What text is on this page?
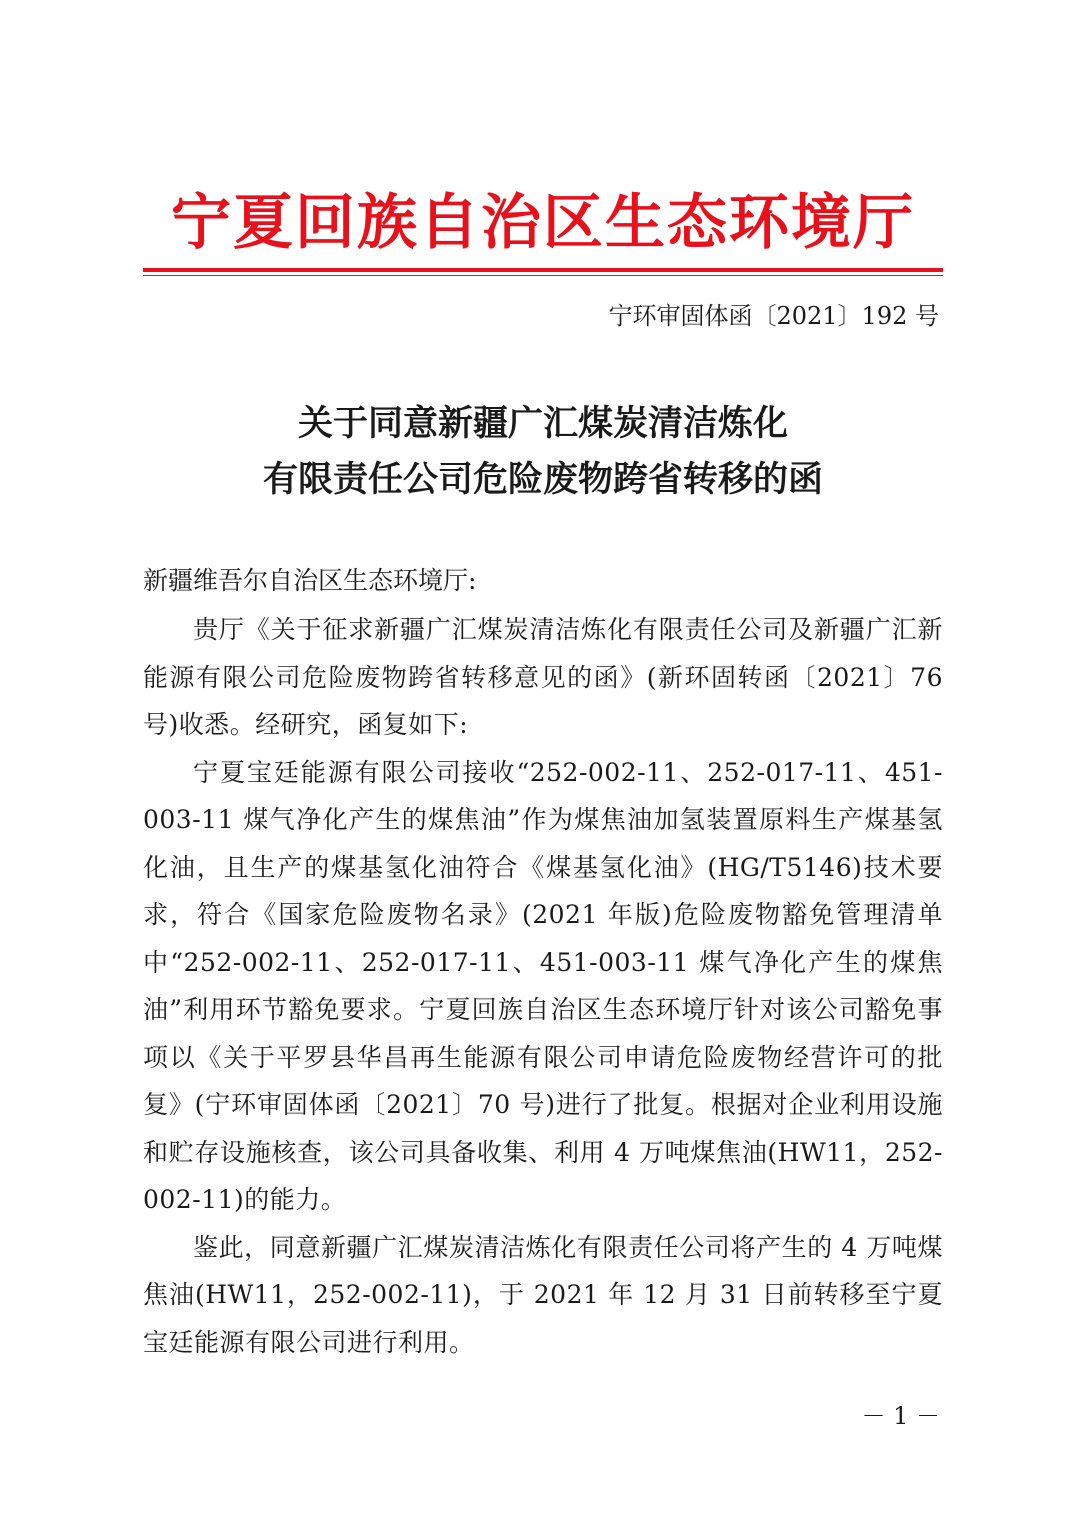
宁夏回族自治区生态环境厅
宁环审固体函〔2021〕192 号
关于同意新疆广汇煤炭清洁炼化
有限责任公司危险废物跨省转移的函
新疆维吾尔自治区生态环境厅:

贵厅《关于征求新疆广汇煤炭清洁炼化有限责任公司及新疆广汇新能源有限公司危险废物跨省转移意见的函》(新环固转函〔2021〕76 号)收悉。经研究，函复如下:

宁夏宝廷能源有限公司接收“252-002-11、252-017-11、451-003-11 煤气净化产生的煤焦油”作为煤焦油加氢装置原料生产煤基氢化油，且生产的煤基氢化油符合《煤基氢化油》(HG/T5146)技术要求，符合《国家危险废物名录》(2021 年版)危险废物豁免管理清单中“252-002-11、252-017-11、451-003-11 煤气净化产生的煤焦油”利用环节豁免要求。宁夏回族自治区生态环境厅针对该公司豁免事项以《关于平罗县华昌再生能源有限公司申请危险废物经营许可的批复》(宁环审固体函〔2021〕70 号)进行了批复。根据对企业利用设施和贮存设施核查，该公司具备收集、利用 4 万吨煤焦油(HW11，252-002-11)的能力。

鉴此，同意新疆广汇煤炭清洁炼化有限责任公司将产生的 4 万吨煤焦油(HW11，252-002-11)，于 2021 年 12 月 31 日前转移至宁夏宝廷能源有限公司进行利用。

－ 1 －
